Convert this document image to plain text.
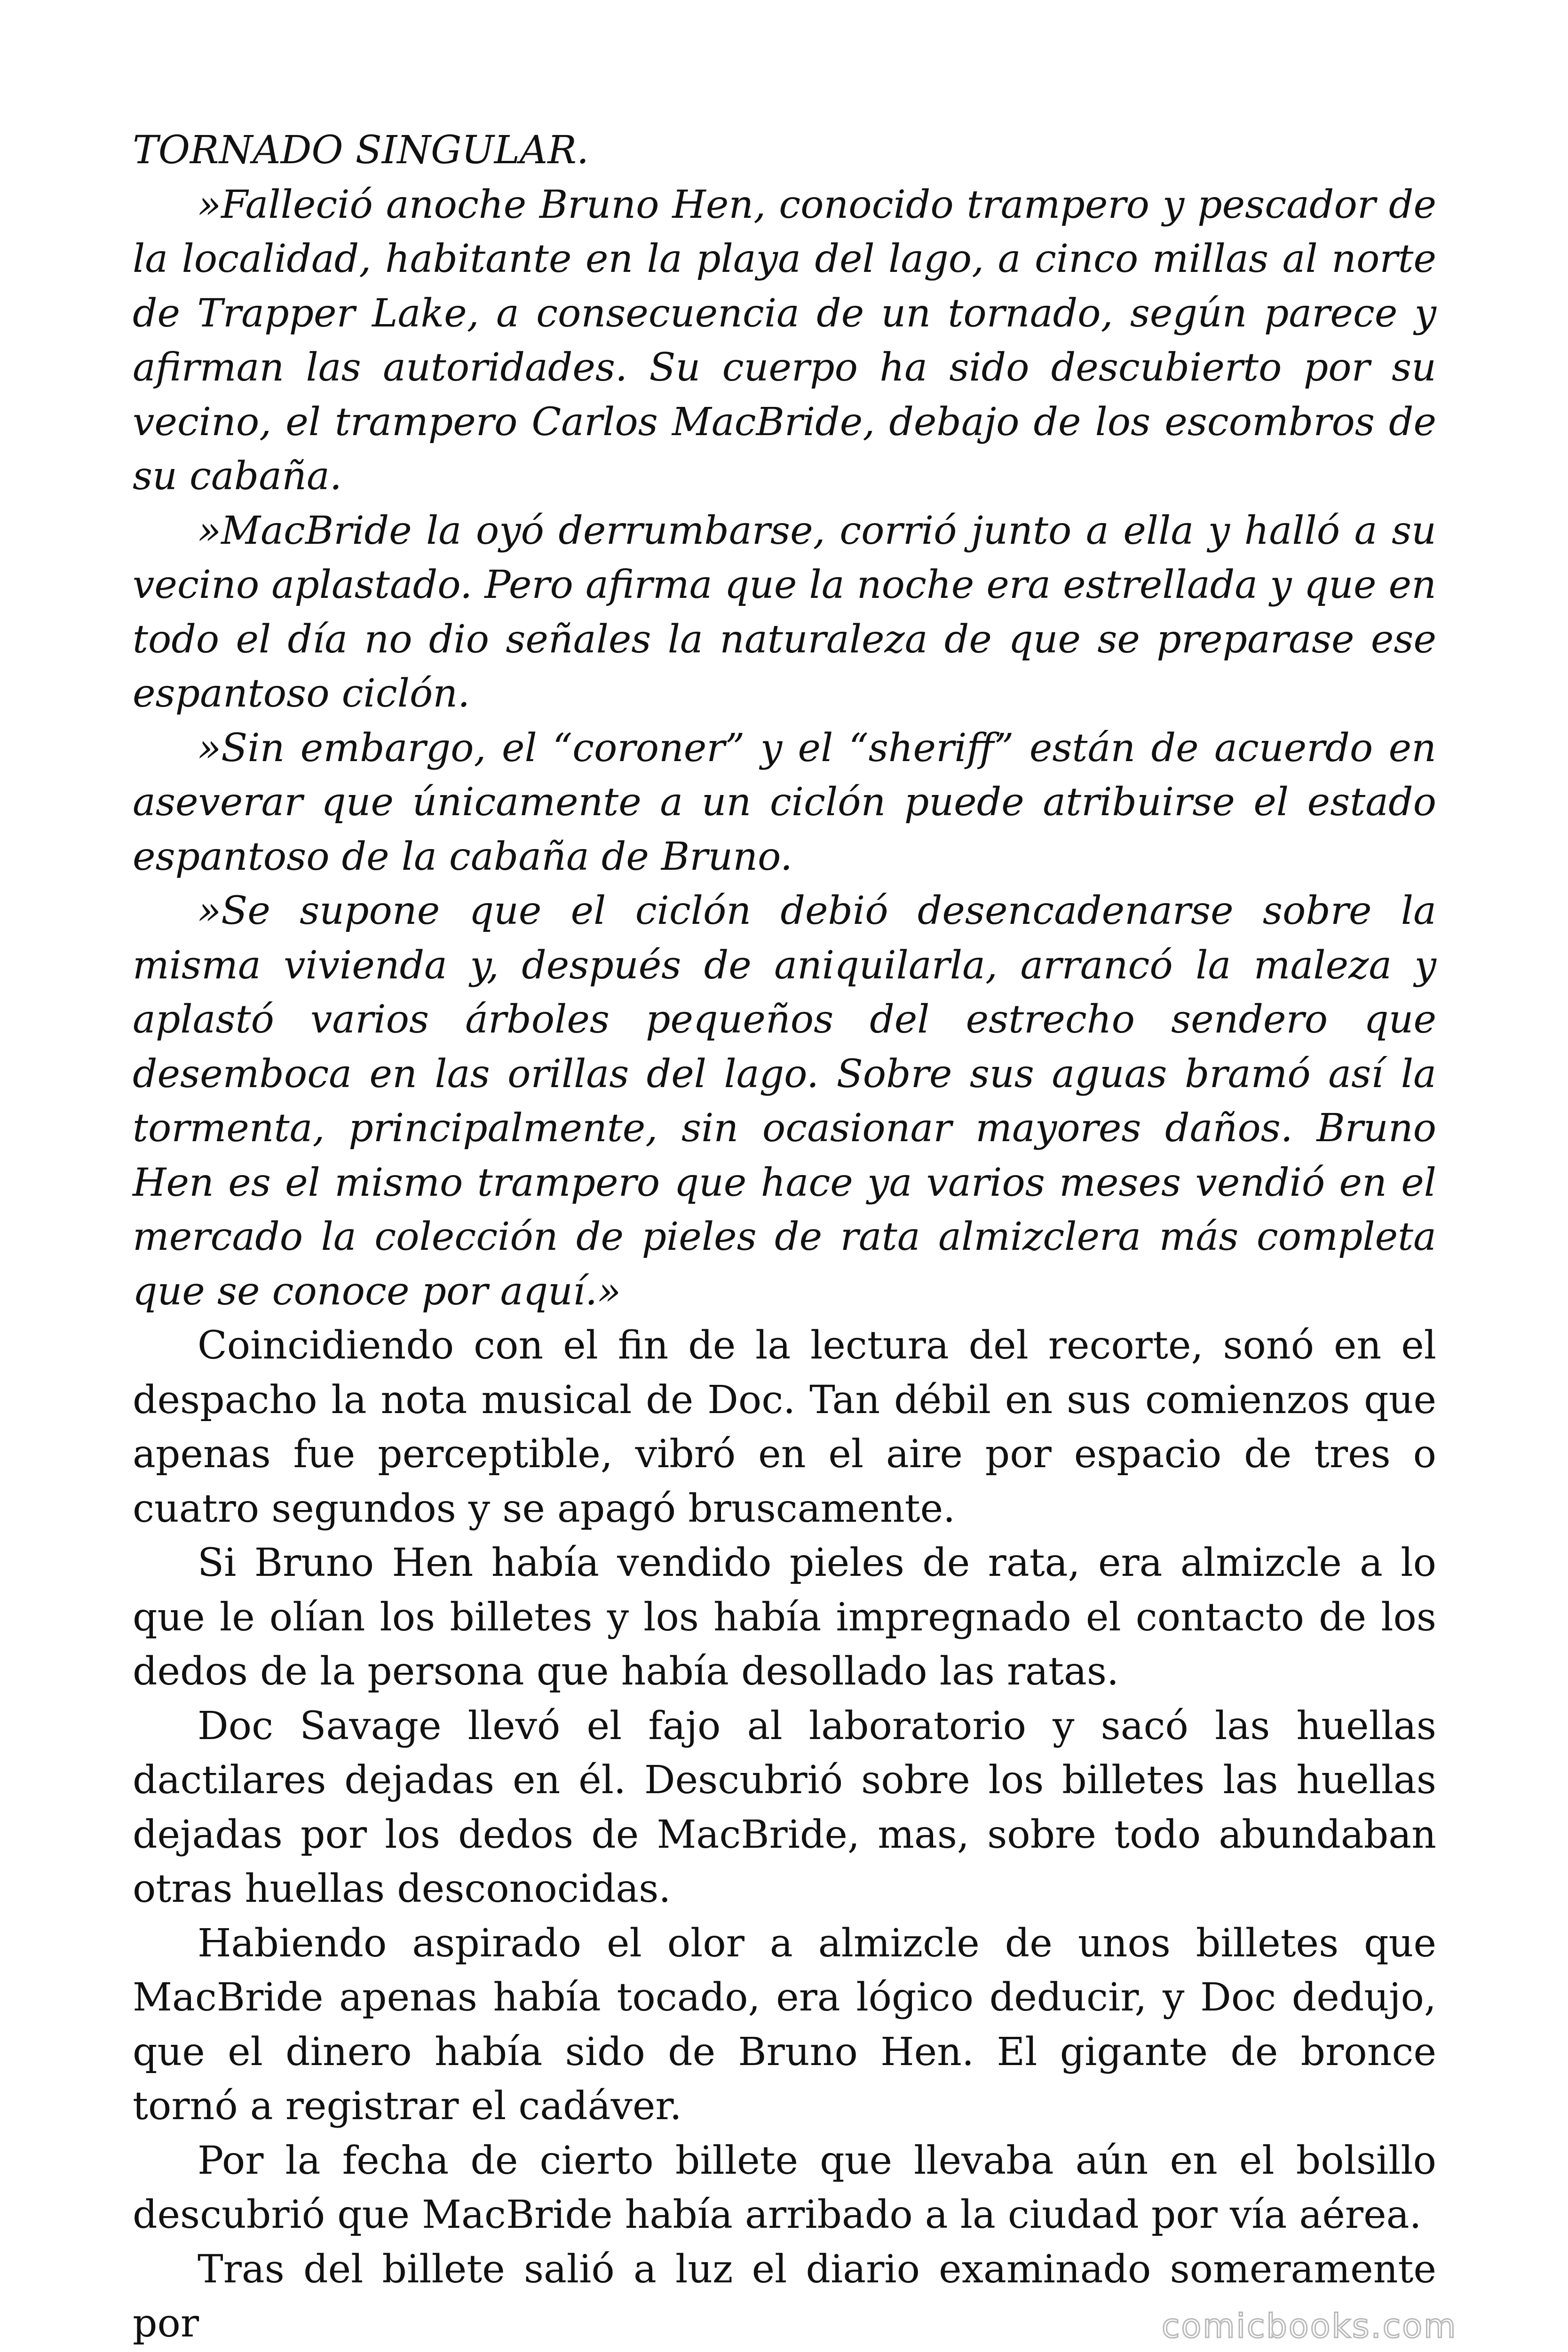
TORNADO SINGULAR.

»Falleció anoche Bruno Hen, conocido trampero y pescador de la localidad, habitante en la playa del lago, a cinco millas al norte de Trapper Lake, a consecuencia de un tornado, según parece y afirman las autoridades. Su cuerpo ha sido descubierto por su vecino, el trampero Carlos MacBride, debajo de los escombros de su cabaña.

»MacBride la oyó derrumbarse, corrió junto a ella y halló a su vecino aplastado. Pero afirma que la noche era estrellada y que en todo el día no dio señales la naturaleza de que se preparase ese espantoso ciclón.

»Sin embargo, el “coroner” y el “sheriff” están de acuerdo en aseverar que únicamente a un ciclón puede atribuirse el estado espantoso de la cabaña de Bruno.

»Se supone que el ciclón debió desencadenarse sobre la misma vivienda y, después de aniquilarla, arrancó la maleza y aplastó varios árboles pequeños del estrecho sendero que desemboca en las orillas del lago. Sobre sus aguas bramó así la tormenta, principalmente, sin ocasionar mayores daños. Bruno Hen es el mismo trampero que hace ya varios meses vendió en el mercado la colección de pieles de rata almizclera más completa que se conoce por aquí.»

Coincidiendo con el fin de la lectura del recorte, sonó en el despacho la nota musical de Doc. Tan débil en sus comienzos que apenas fue perceptible, vibró en el aire por espacio de tres o cuatro segundos y se apagó bruscamente.

Si Bruno Hen había vendido pieles de rata, era almizcle a lo que le olían los billetes y los había impregnado el contacto de los dedos de la persona que había desollado las ratas.

Doc Savage llevó el fajo al laboratorio y sacó las huellas dactilares dejadas en él. Descubrió sobre los billetes las huellas dejadas por los dedos de MacBride, mas, sobre todo abundaban otras huellas desconocidas.

Habiendo aspirado el olor a almizcle de unos billetes que MacBride apenas había tocado, era lógico deducir, y Doc dedujo, que el dinero había sido de Bruno Hen. El gigante de bronce tornó a registrar el cadáver.

Por la fecha de cierto billete que llevaba aún en el bolsillo descubrió que MacBride había arribado a la ciudad por vía aérea.

Tras del billete salió a luz el diario examinado someramente por	comicbooks.com
